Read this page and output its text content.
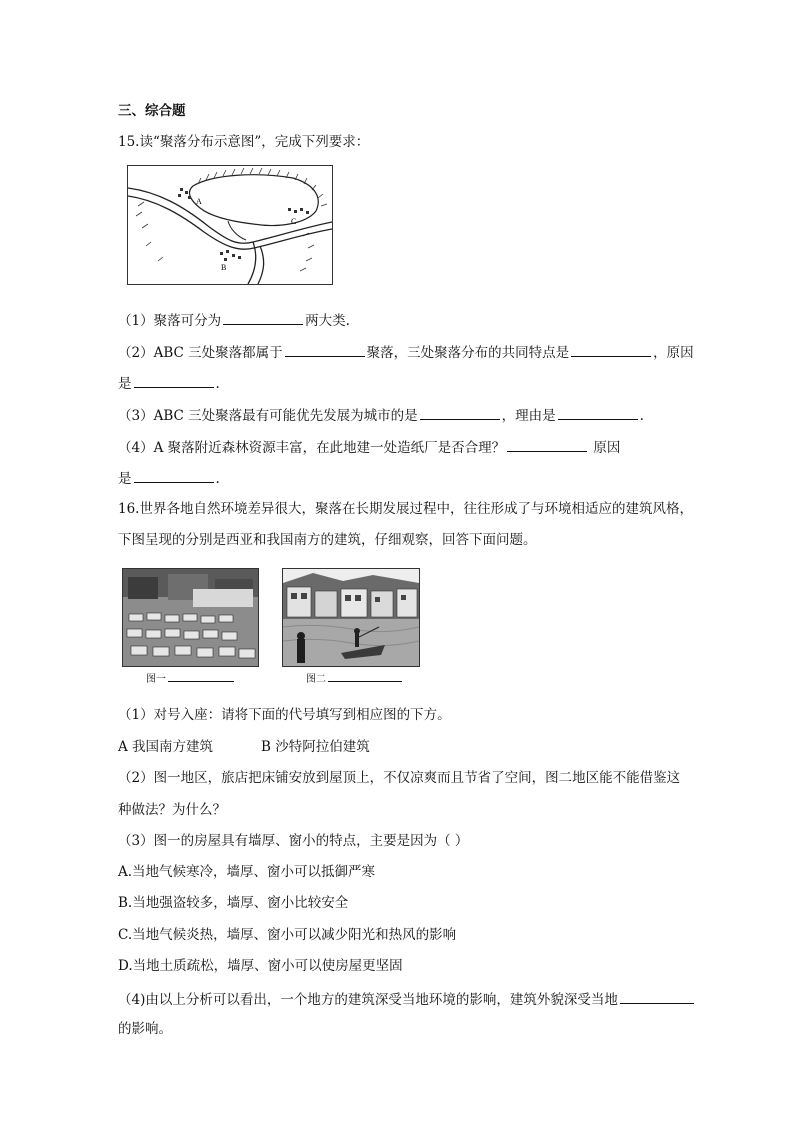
三、综合题
15.读“聚落分布示意图”，完成下列要求：
A
B
C
（1）聚落可分为	两大类.
（2）ABC 三处聚落都属于	聚落，三处聚落分布的共同特点是	，原因
是	.
（3）ABC 三处聚落最有可能优先发展为城市的是	，理由是	.
（4）A 聚落附近森林资源丰富，在此地建一处造纸厂是否合理？	原因
是	.
16.世界各地自然环境差异很大，聚落在长期发展过程中，往往形成了与环境相适应的建筑风格，
下图呈现的分别是西亚和我国南方的建筑，仔细观察，回答下面问题。
图一	图二
（1）对号入座：请将下面的代号填写到相应图的下方。
A 我国南方建筑	B 沙特阿拉伯建筑
（2）图一地区，旅店把床铺安放到屋顶上，不仅凉爽而且节省了空间，图二地区能不能借鉴这
种做法？为什么？
（3）图一的房屋具有墙厚、窗小的特点，主要是因为（ ）
A.当地气候寒冷，墙厚、窗小可以抵御严寒
B.当地强盗较多，墙厚、窗小比较安全
C.当地气候炎热，墙厚、窗小可以减少阳光和热风的影响
D.当地土质疏松，墙厚、窗小可以使房屋更坚固
（4)由以上分析可以看出，一个地方的建筑深受当地环境的影响，建筑外貌深受当地
的影响。
